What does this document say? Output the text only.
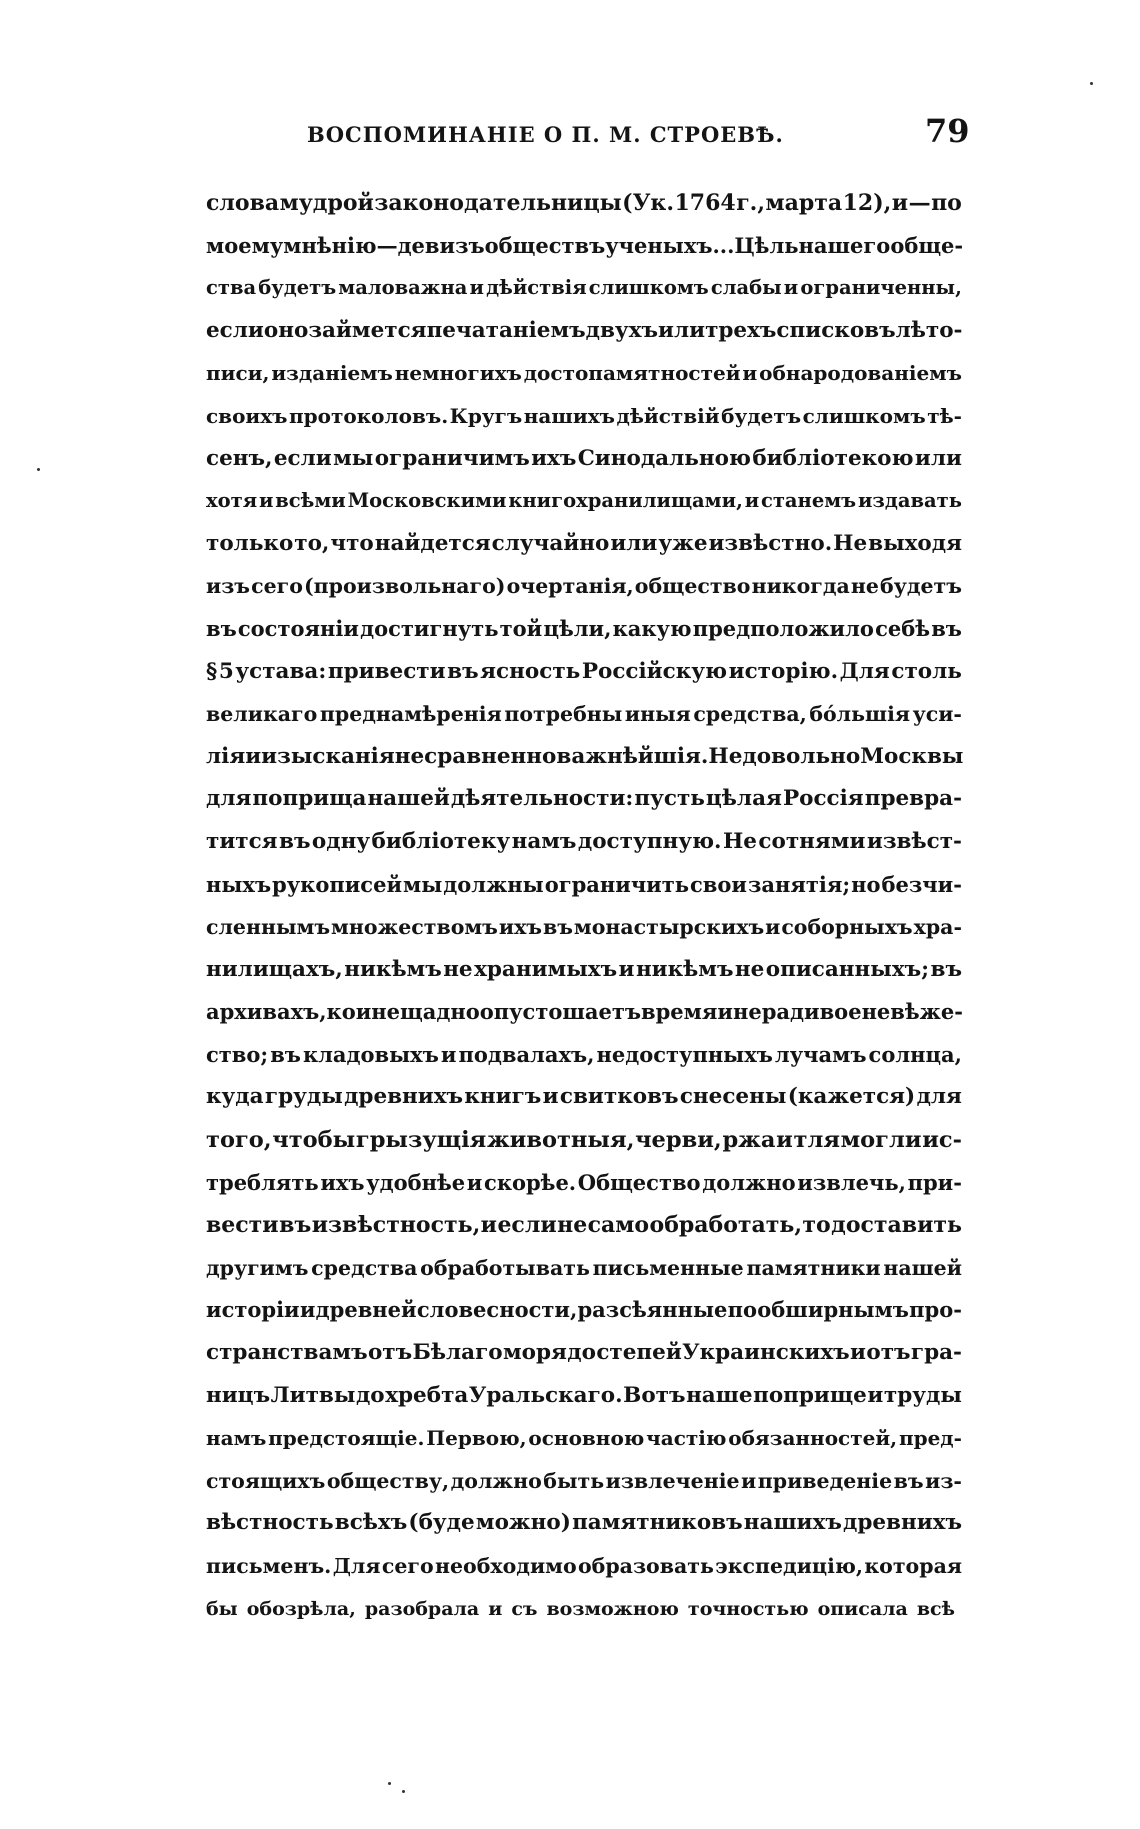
ВОСПОМИНАНІЕ О П. М. СТРОЕВѢ.	79
слова мудрой законодательницы (Ук. 1764 г., марта 12), и — по
моему мнѣнію — девизъ обществъ ученыхъ... Цѣль нашего обще-
ства будетъ маловажна и дѣйствія слишкомъ слабы и ограниченны,
если оно займется печатаніемъ двухъ или трехъ списковъ лѣто-
писи, изданіемъ немногихъ достопамятностей и обнародованіемъ
своихъ протоколовъ. Кругъ нашихъ дѣйствій будетъ слишкомъ тѣ-
сенъ, если мы ограничимъ ихъ Синодальною библіотекою или
хотя и всѣми Московскими книгохранилищами, и станемъ издавать
только то, что найдется случайно или уже извѣстно. Не выходя
изъ сего (произвольнаго) очертанія, общество никогда не будетъ
въ состояніи достигнуть той цѣли, какую предположило себѣ въ
§ 5 устава: привести въ ясность Россійскую исторію. Для столь
великаго преднамѣренія потребны иныя средства, бо́льшія уси-
лія и изысканія несравненно важнѣйшія. Не довольно Москвы
для поприща нашей дѣятельности: пусть цѣлая Россія превра-
тится въ одну библіотеку намъ доступную. Не сотнями извѣст-
ныхъ рукописей мы должны ограничить свои занятія; но безчи-
сленнымъ множествомъ ихъ въ монастырскихъ и соборныхъ хра-
нилищахъ, никѣмъ не хранимыхъ и никѣмъ не описанныхъ; въ
архивахъ, кои нещадно опустошаетъ время и нерадивое невѣже-
ство; въ кладовыхъ и подвалахъ, недоступныхъ лучамъ солнца,
куда груды древнихъ книгъ и свитковъ снесены (кажется) для
того, чтобы грызущія животныя, черви, ржа и тля могли ис-
треблять ихъ удобнѣе и скорѣе. Общество должно извлечь, при-
вести въ извѣстность, и если не само обработать, то доставить
другимъ средства обработывать письменные памятники нашей
исторіи и древней словесности, разсѣянные по обширнымъ про-
странствамъ отъ Бѣлаго моря до степей Украинскихъ и отъ гра-
ницъ Литвы до хребта Уральскаго. Вотъ наше поприще и труды
намъ предстоящіе. Первою, основною частію обязанностей, пред-
стоящихъ обществу, должно быть извлеченіе и приведеніе въ из-
вѣстность всѣхъ (буде можно) памятниковъ нашихъ древнихъ
письменъ. Для сего необходимо образовать экспедицію, которая
бы обозрѣла, разобрала и съ возможною точностью описала всѣ
